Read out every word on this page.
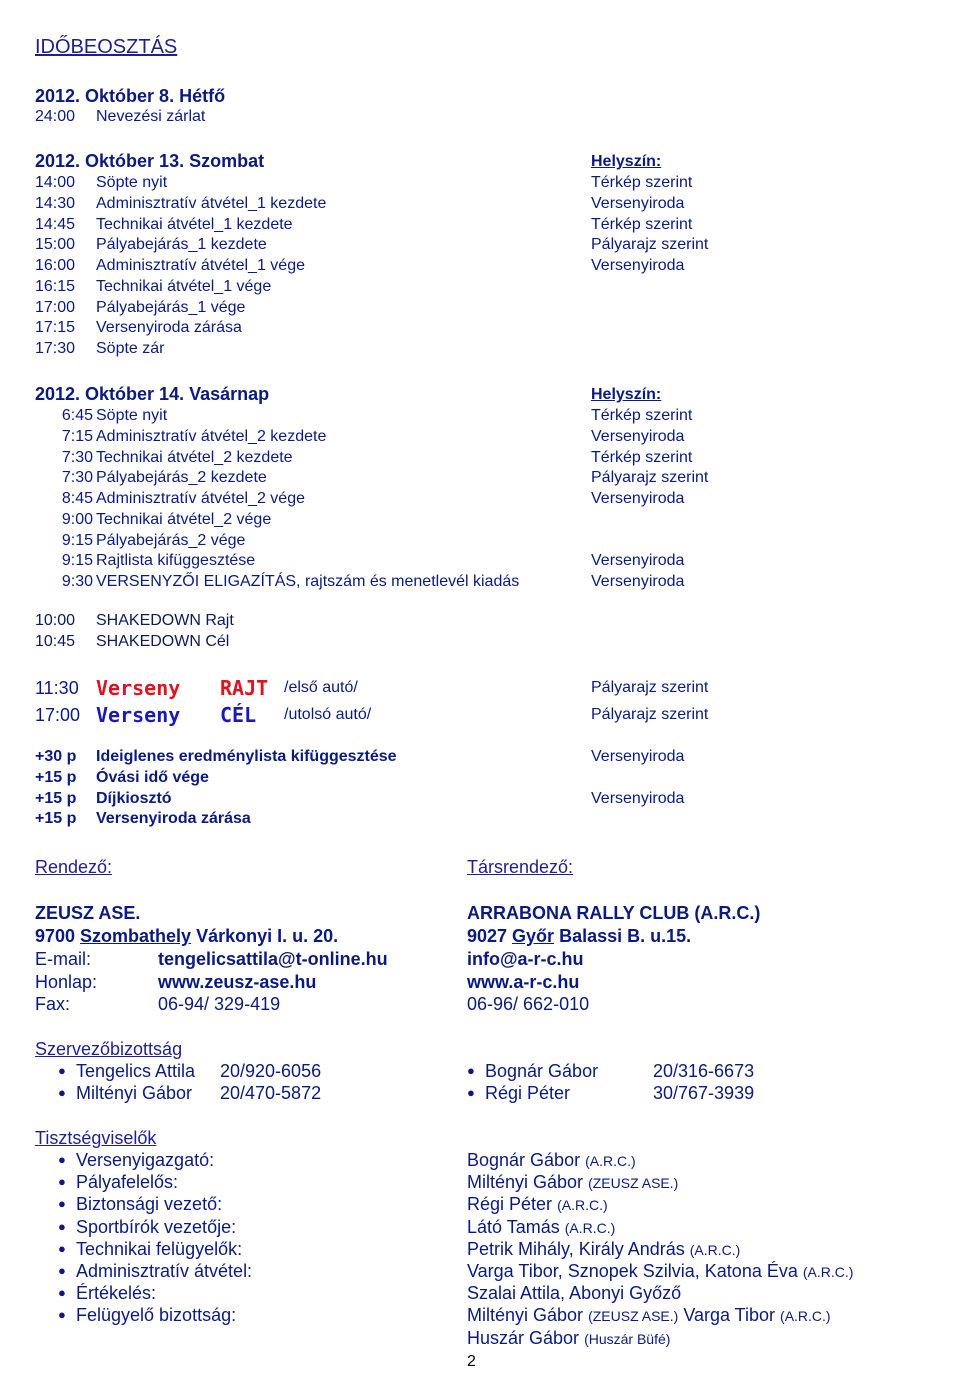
IDŐBEOSZTÁS
2012. Október 8. Hétfő
24:00 Nevezési zárlat
2012. Október 13. Szombat	Helyszín:
14:00 Söpte nyit	Térkép szerint
14:30 Adminisztratív átvétel_1 kezdete	Versenyiroda
14:45 Technikai átvétel_1 kezdete	Térkép szerint
15:00 Pályabejárás_1 kezdete	Pályarajz szerint
16:00 Adminisztratív átvétel_1 vége	Versenyiroda
16:15 Technikai átvétel_1 vége
17:00 Pályabejárás_1 vége
17:15 Versenyiroda zárása
17:30 Söpte zár
2012. Október 14. Vasárnap	Helyszín:
6:45 Söpte nyit	Térkép szerint
7:15 Adminisztratív átvétel_2 kezdete	Versenyiroda
7:30 Technikai átvétel_2 kezdete	Térkép szerint
7:30 Pályabejárás_2 kezdete	Pályarajz szerint
8:45 Adminisztratív átvétel_2 vége	Versenyiroda
9:00 Technikai átvétel_2 vége
9:15 Pályabejárás_2 vége
9:15 Rajtlista kifüggesztése	Versenyiroda
9:30 VERSENYZŐI ELIGAZÍTÁS, rajtszám és menetlevél kiadás	Versenyiroda
10:00 SHAKEDOWN Rajt
10:45 SHAKEDOWN Cél
11:30 Verseny RAJT /első autó/	Pályarajz szerint
17:00 Verseny CÉL /utolsó autó/	Pályarajz szerint
+30 p Ideiglenes eredménylista kifüggesztése	Versenyiroda
+15 p Óvási idő vége
+15 p Díjkiosztó	Versenyiroda
+15 p Versenyiroda zárása
Rendező:	Társrendező:
ZEUSZ ASE.	ARRABONA RALLY CLUB (A.R.C.)
9700 Szombathely Várkonyi I. u. 20.	9027 Győr Balassi B. u.15.
E-mail:	tengelicsattila@t-online.hu	info@a-r-c.hu
Honlap:	www.zeusz-ase.hu	www.a-r-c.hu
Fax:	06-94/ 329-419	06-96/ 662-010
Szervezőbizottság
●
Tengelics Attila 20/920-6056
●
Miltényi Gábor 20/470-5872
●
Bognár Gábor	20/316-6673
●
Régi Péter	30/767-3939
Tisztségviselők
●
Versenyigazgató:	Bognár Gábor (A.R.C.)
●
Pályafelelős:	Miltényi Gábor (ZEUSZ ASE.)
●
Biztonsági vezető:	Régi Péter (A.R.C.)
●
Sportbírók vezetője:	Látó Tamás (A.R.C.)
●
Technikai felügyelők:	Petrik Mihály, Király András (A.R.C.)
●
Adminisztratív átvétel:	Varga Tibor, Sznopek Szilvia, Katona Éva (A.R.C.)
●
Értékelés:	Szalai Attila, Abonyi Győző
●
Felügyelő bizottság:	Miltényi Gábor (ZEUSZ ASE.) Varga Tibor (A.R.C.)
Huszár Gábor (Huszár Büfé)
2
